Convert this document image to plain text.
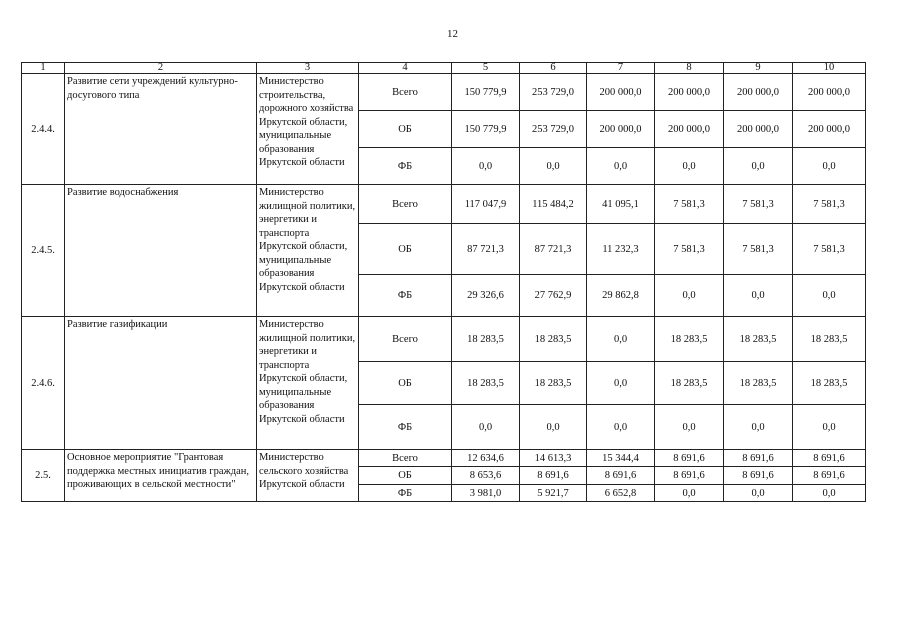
12
1	2	3	4	5	6	7	8	9	10
2.4.4.	Развитие сети учреждений культурно-досугового типа	Министерство строительства, дорожного хозяйства Иркутской области, муниципальные образования Иркутской области	Всего	150 779,9	253 729,0	200 000,0	200 000,0	200 000,0	200 000,0
			ОБ	150 779,9	253 729,0	200 000,0	200 000,0	200 000,0	200 000,0
			ФБ	0,0	0,0	0,0	0,0	0,0	0,0
2.4.5.	Развитие водоснабжения	Министерство жилищной политики, энергетики и транспорта Иркутской области, муниципальные образования Иркутской области	Всего	117 047,9	115 484,2	41 095,1	7 581,3	7 581,3	7 581,3
			ОБ	87 721,3	87 721,3	11 232,3	7 581,3	7 581,3	7 581,3
			ФБ	29 326,6	27 762,9	29 862,8	0,0	0,0	0,0
2.4.6.	Развитие газификации	Министерство жилищной политики, энергетики и транспорта Иркутской области, муниципальные образования Иркутской области	Всего	18 283,5	18 283,5	0,0	18 283,5	18 283,5	18 283,5
			ОБ	18 283,5	18 283,5	0,0	18 283,5	18 283,5	18 283,5
			ФБ	0,0	0,0	0,0	0,0	0,0	0,0
2.5.	Основное мероприятие "Грантовая поддержка местных инициатив граждан, проживающих в сельской местности"	Министерство сельского хозяйства Иркутской области	Всего	12 634,6	14 613,3	15 344,4	8 691,6	8 691,6	8 691,6
			ОБ	8 653,6	8 691,6	8 691,6	8 691,6	8 691,6	8 691,6
			ФБ	3 981,0	5 921,7	6 652,8	0,0	0,0	0,0
